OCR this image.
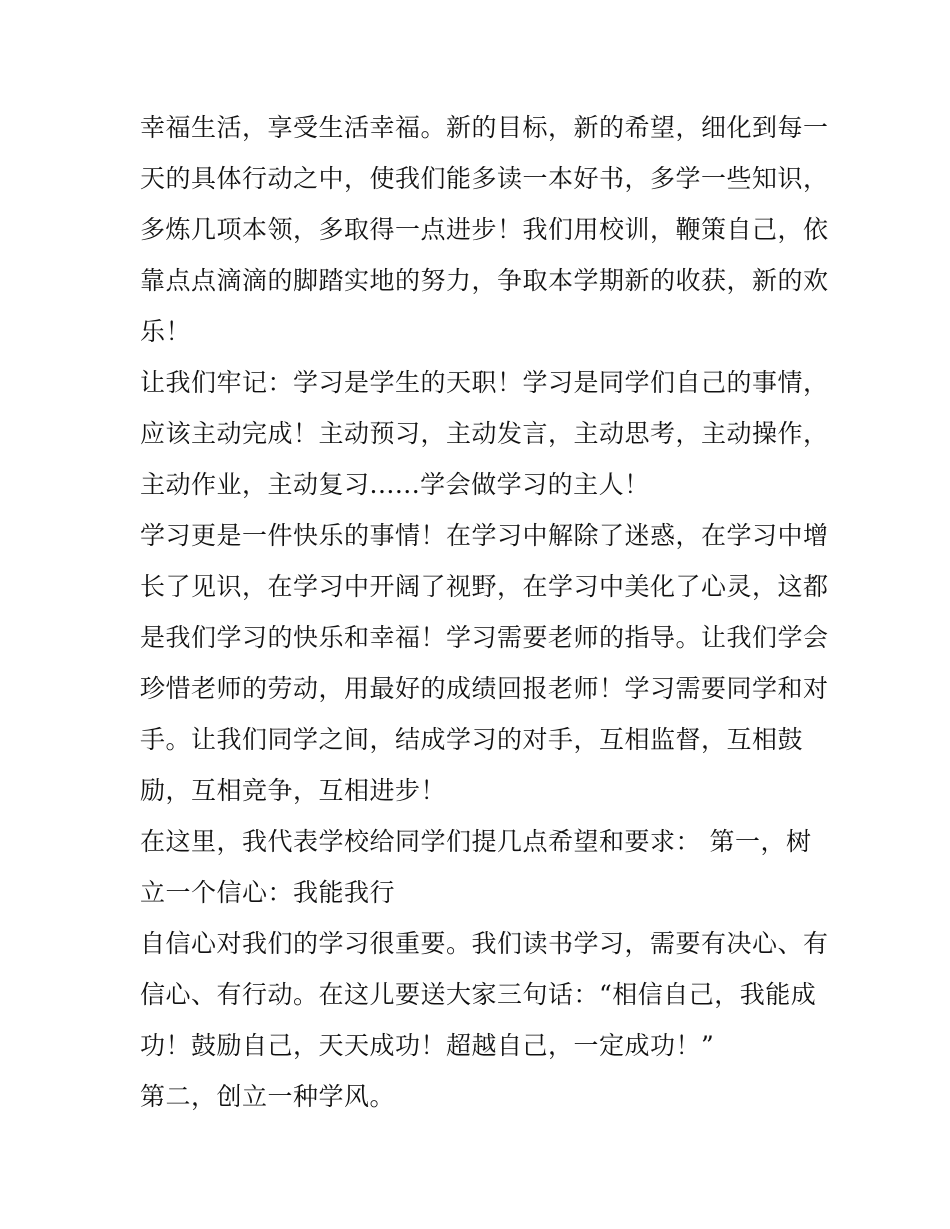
幸福生活，享受生活幸福。新的目标，新的希望，细化到每一
天的具体行动之中，使我们能多读一本好书，多学一些知识，
多炼几项本领，多取得一点进步！我们用校训，鞭策自己，依
靠点点滴滴的脚踏实地的努力，争取本学期新的收获，新的欢
乐！

让我们牢记：学习是学生的天职！学习是同学们自己的事情，
应该主动完成！主动预习，主动发言，主动思考，主动操作，
主动作业，主动复习......学会做学习的主人！

学习更是一件快乐的事情！在学习中解除了迷惑，在学习中增
长了见识，在学习中开阔了视野，在学习中美化了心灵，这都
是我们学习的快乐和幸福！学习需要老师的指导。让我们学会
珍惜老师的劳动，用最好的成绩回报老师！学习需要同学和对
手。让我们同学之间，结成学习的对手，互相监督，互相鼓
励，互相竞争，互相进步！

在这里，我代表学校给同学们提几点希望和要求： 第一，树
立一个信心：我能我行

自信心对我们的学习很重要。我们读书学习，需要有决心、有
信心、有行动。在这儿要送大家三句话：“相信自己，我能成
功！鼓励自己，天天成功！超越自己，一定成功！”

第二，创立一种学风。
